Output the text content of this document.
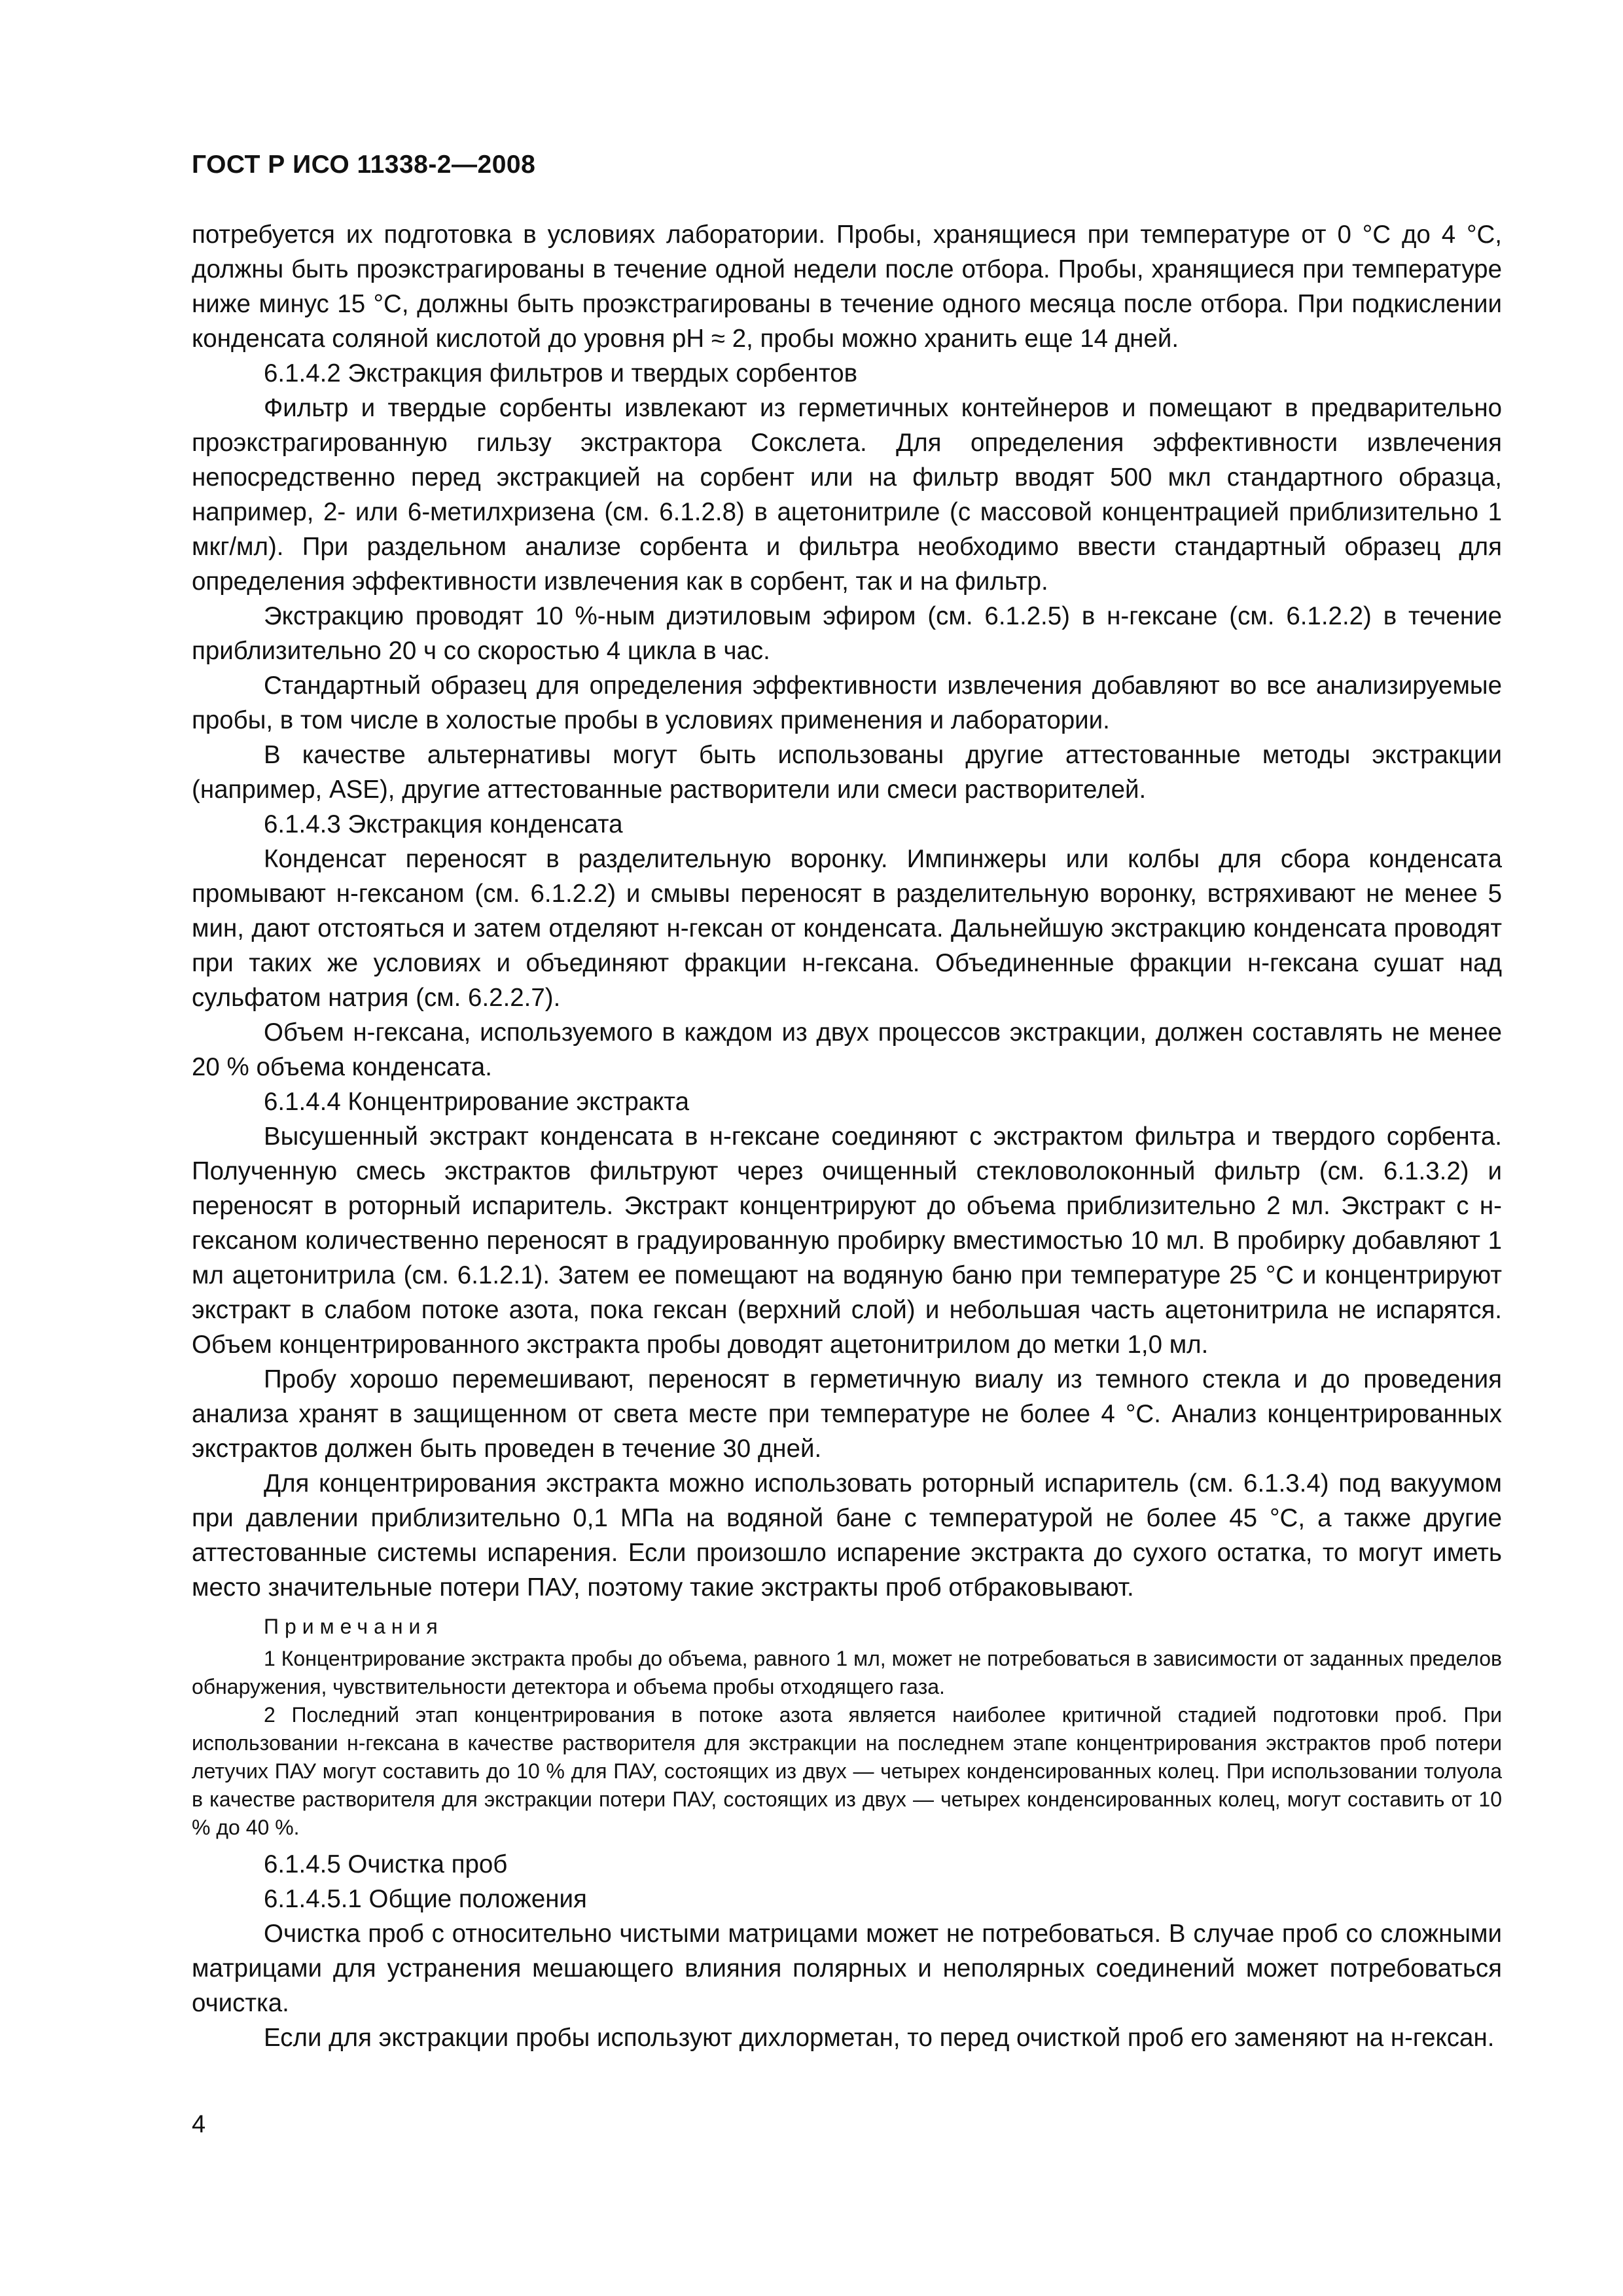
ГОСТ Р ИСО 11338-2—2008

потребуется их подготовка в условиях лаборатории. Пробы, хранящиеся при температуре от 0 °С до 4 °С, должны быть проэкстрагированы в течение одной недели после отбора. Пробы, хранящиеся при температуре ниже минус 15 °С, должны быть проэкстрагированы в течение одного месяца после отбора. При подкислении конденсата соляной кислотой до уровня рН ≈ 2, пробы можно хранить еще 14 дней.

6.1.4.2 Экстракция фильтров и твердых сорбентов

Фильтр и твердые сорбенты извлекают из герметичных контейнеров и помещают в предварительно проэкстрагированную гильзу экстрактора Сокслета. Для определения эффективности извлечения непосредственно перед экстракцией на сорбент или на фильтр вводят 500 мкл стандартного образца, например, 2- или 6-метилхризена (см. 6.1.2.8) в ацетонитриле (с массовой концентрацией приблизительно 1 мкг/мл). При раздельном анализе сорбента и фильтра необходимо ввести стандартный образец для определения эффективности извлечения как в сорбент, так и на фильтр.

Экстракцию проводят 10 %-ным диэтиловым эфиром (см. 6.1.2.5) в н-гексане (см. 6.1.2.2) в течение приблизительно 20 ч со скоростью 4 цикла в час.

Стандартный образец для определения эффективности извлечения добавляют во все анализируемые пробы, в том числе в холостые пробы в условиях применения и лаборатории.

В качестве альтернативы могут быть использованы другие аттестованные методы экстракции (например, ASE), другие аттестованные растворители или смеси растворителей.

6.1.4.3 Экстракция конденсата

Конденсат переносят в разделительную воронку. Импинжеры или колбы для сбора конденсата промывают н-гексаном (см. 6.1.2.2) и смывы переносят в разделительную воронку, встряхивают не менее 5 мин, дают отстояться и затем отделяют н-гексан от конденсата. Дальнейшую экстракцию конденсата проводят при таких же условиях и объединяют фракции н-гексана. Объединенные фракции н-гексана сушат над сульфатом натрия (см. 6.2.2.7).

Объем н-гексана, используемого в каждом из двух процессов экстракции, должен составлять не менее 20 % объема конденсата.

6.1.4.4 Концентрирование экстракта

Высушенный экстракт конденсата в н-гексане соединяют с экстрактом фильтра и твердого сорбента. Полученную смесь экстрактов фильтруют через очищенный стекловолоконный фильтр (см. 6.1.3.2) и переносят в роторный испаритель. Экстракт концентрируют до объема приблизительно 2 мл. Экстракт с н-гексаном количественно переносят в градуированную пробирку вместимостью 10 мл. В пробирку добавляют 1 мл ацетонитрила (см. 6.1.2.1). Затем ее помещают на водяную баню при температуре 25 °С и концентрируют экстракт в слабом потоке азота, пока гексан (верхний слой) и небольшая часть ацетонитрила не испарятся. Объем концентрированного экстракта пробы доводят ацетонитрилом до метки 1,0 мл.

Пробу хорошо перемешивают, переносят в герметичную виалу из темного стекла и до проведения анализа хранят в защищенном от света месте при температуре не более 4 °С. Анализ концентрированных экстрактов должен быть проведен в течение 30 дней.

Для концентрирования экстракта можно использовать роторный испаритель (см. 6.1.3.4) под вакуумом при давлении приблизительно 0,1 МПа на водяной бане с температурой не более 45 °С, а также другие аттестованные системы испарения. Если произошло испарение экстракта до сухого остатка, то могут иметь место значительные потери ПАУ, поэтому такие экстракты проб отбраковывают.

Примечания

1 Концентрирование экстракта пробы до объема, равного 1 мл, может не потребоваться в зависимости от заданных пределов обнаружения, чувствительности детектора и объема пробы отходящего газа.

2 Последний этап концентрирования в потоке азота является наиболее критичной стадией подготовки проб. При использовании н-гексана в качестве растворителя для экстракции на последнем этапе концентрирования экстрактов проб потери летучих ПАУ могут составить до 10 % для ПАУ, состоящих из двух — четырех конденсированных колец. При использовании толуола в качестве растворителя для экстракции потери ПАУ, состоящих из двух — четырех конденсированных колец, могут составить от 10 % до 40 %.

6.1.4.5 Очистка проб

6.1.4.5.1 Общие положения

Очистка проб с относительно чистыми матрицами может не потребоваться. В случае проб со сложными матрицами для устранения мешающего влияния полярных и неполярных соединений может потребоваться очистка.

Если для экстракции пробы используют дихлорметан, то перед очисткой проб его заменяют на н-гексан.

4
